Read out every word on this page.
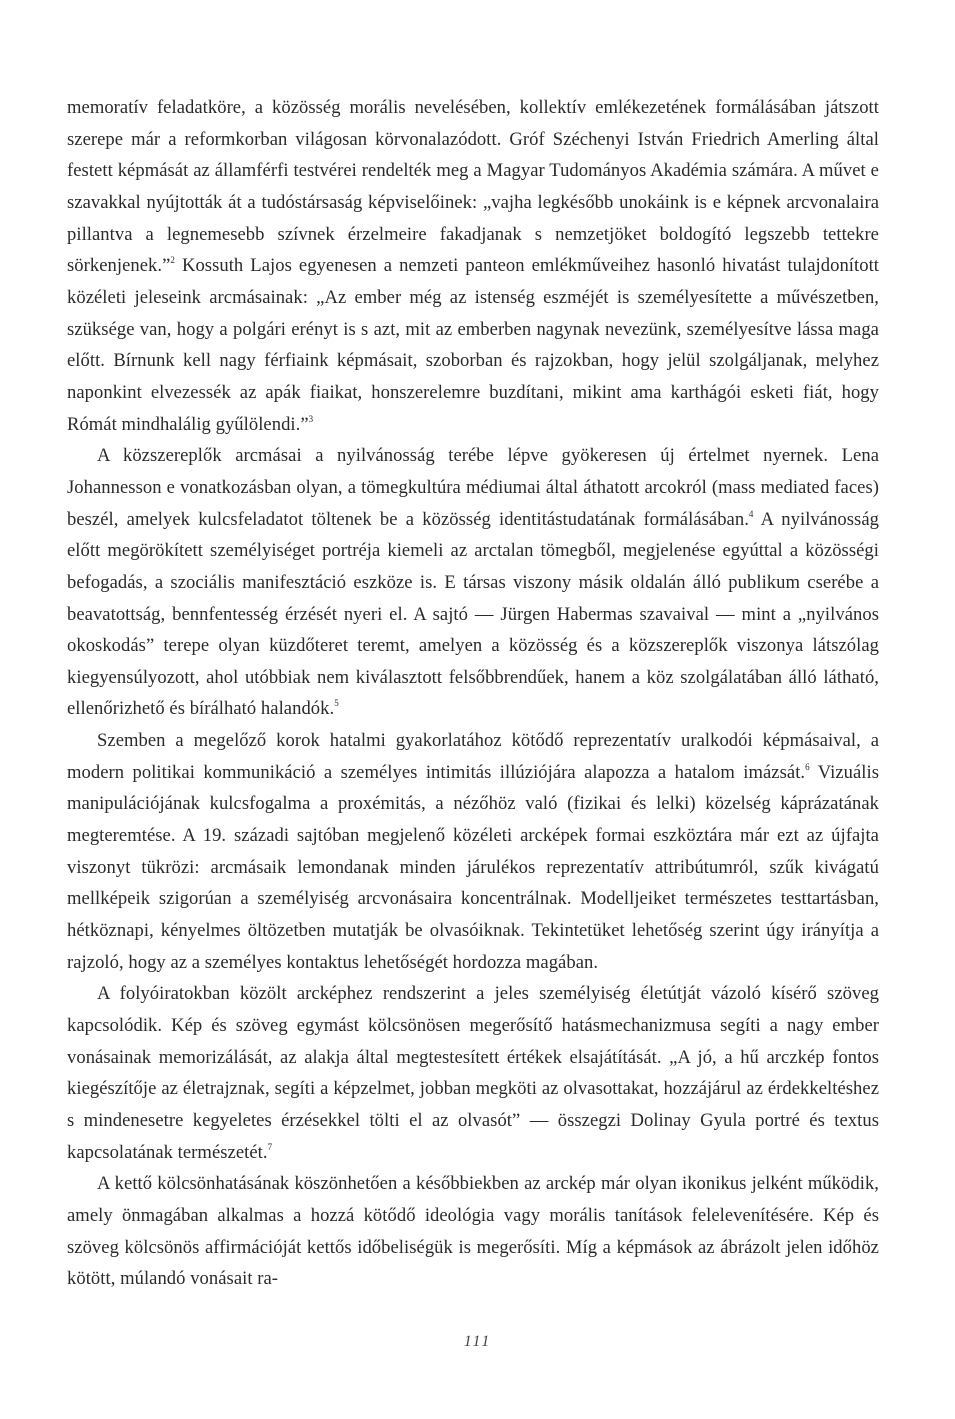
memoratív feladatköre, a közösség morális nevelésében, kollektív emlékezetének formálásában játszott szerepe már a reformkorban világosan körvonalazódott. Gróf Széchenyi István Friedrich Amerling által festett képmását az államférfi testvérei rendelték meg a Magyar Tudományos Akadémia számára. A művet e szavakkal nyújtották át a tudóstársaság képviselőinek: „vajha legkésőbb unokáink is e képnek arcvonalaira pillantva a legnemesebb szívnek érzelmeire fakadjanak s nemzetjöket boldogító legszebb tettekre sörkenjenek.”$^2$ Kossuth Lajos egyenesen a nemzeti panteon emlékműveihez hasonló hivatást tulajdonított közéleti jeleseink arcmásainak: „Az ember még az istenség eszméjét is személyesítette a művészetben, szüksége van, hogy a polgári erényt is s azt, mit az emberben nagynak nevezünk, személyesítve lássa maga előtt. Bírnunk kell nagy férfiaink képmásait, szoborban és rajzokban, hogy jelül szolgáljanak, melyhez naponkint elvezessék az apák fiaikat, honszerelemre buzdítani, mikint ama karthágói esketi fiát, hogy Rómát mindhalálig gyűlölendi.”$^3$

A közszereplők arcmásai a nyilvánosság terébe lépve gyökeresen új értelmet nyernek. Lena Johannesson e vonatkozásban olyan, a tömegkultúra médiumai által áthatott arcokról (mass mediated faces) beszél, amelyek kulcsfeladatot töltenek be a közösség identitástudatának formálásában.$^4$ A nyilvánosság előtt megörökített személyiséget portréja kiemeli az arctalan tömegből, megjelenése egyúttal a közösségi befogadás, a szociális manifesztáció eszköze is. E társas viszony másik oldalán álló publikum cserébe a beavatottság, bennfentesség érzését nyeri el. A sajtó — Jürgen Habermas szavaival — mint a „nyilvános okoskodás” terepe olyan küzdőteret teremt, amelyen a közösség és a közszereplők viszonya látszólag kiegyensúlyozott, ahol utóbbiak nem kiválasztott felsőbbrendűek, hanem a köz szolgálatában álló látható, ellenőrizhető és bírálható halandók.$^5$

Szemben a megelőző korok hatalmi gyakorlatához kötődő reprezentatív uralkodói képmásaival, a modern politikai kommunikáció a személyes intimitás illúziójára alapozza a hatalom imázsát.$^6$ Vizuális manipulációjának kulcsfogalma a proxémitás, a nézőhöz való (fizikai és lelki) közelség káprázatának megteremtése. A 19. századi sajtóban megjelenő közéleti arcképek formai eszköztára már ezt az újfajta viszonyt tükrözi: arcmásaik lemondanak minden járulékos reprezentatív attribútumról, szűk kivágatú mellképeik szigorúan a személyiség arcvonásaira koncentrálnak. Modelljeiket természetes testtartásban, hétköznapi, kényelmes öltözetben mutatják be olvasóiknak. Tekintetüket lehetőség szerint úgy irányítja a rajzoló, hogy az a személyes kontaktus lehetőségét hordozza magában.

A folyóiratokban közölt arcképhez rendszerint a jeles személyiség életútját vázoló kísérő szöveg kapcsolódik. Kép és szöveg egymást kölcsönösen megerősítő hatásmechanizmusa segíti a nagy ember vonásainak memorizálását, az alakja által megtestesített értékek elsajátítását. „A jó, a hű arczkép fontos kiegészítője az életrajznak, segíti a képzelmet, jobban megköti az olvasottakat, hozzájárul az érdekkeltéshez s mindenesetre kegyeletes érzésekkel tölti el az olvasót” — összegzi Dolinay Gyula portré és textus kapcsolatának természetét.$^7$

A kettő kölcsönhatásának köszönhetően a későbbiekben az arckép már olyan ikonikus jelként működik, amely önmagában alkalmas a hozzá kötődő ideológia vagy morális tanítások felelevenítésére. Kép és szöveg kölcsönös affirmációját kettős időbeliségük is megerősíti. Míg a képmások az ábrázolt jelen időhöz kötött, múlandó vonásait ra-

111
